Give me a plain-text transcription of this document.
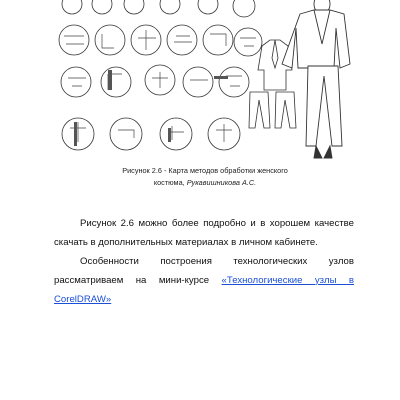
Рисунок 2.6 - Карта методов обработки женского
костюма, Рукавишникова А.С.

Рисунок 2.6 можно более подробно и в хорошем качестве скачать в дополнительных материалах в личном кабинете.

Особенности построения технологических узлов рассматриваем на мини-курсе «Технологические узлы в CorelDRAW»
